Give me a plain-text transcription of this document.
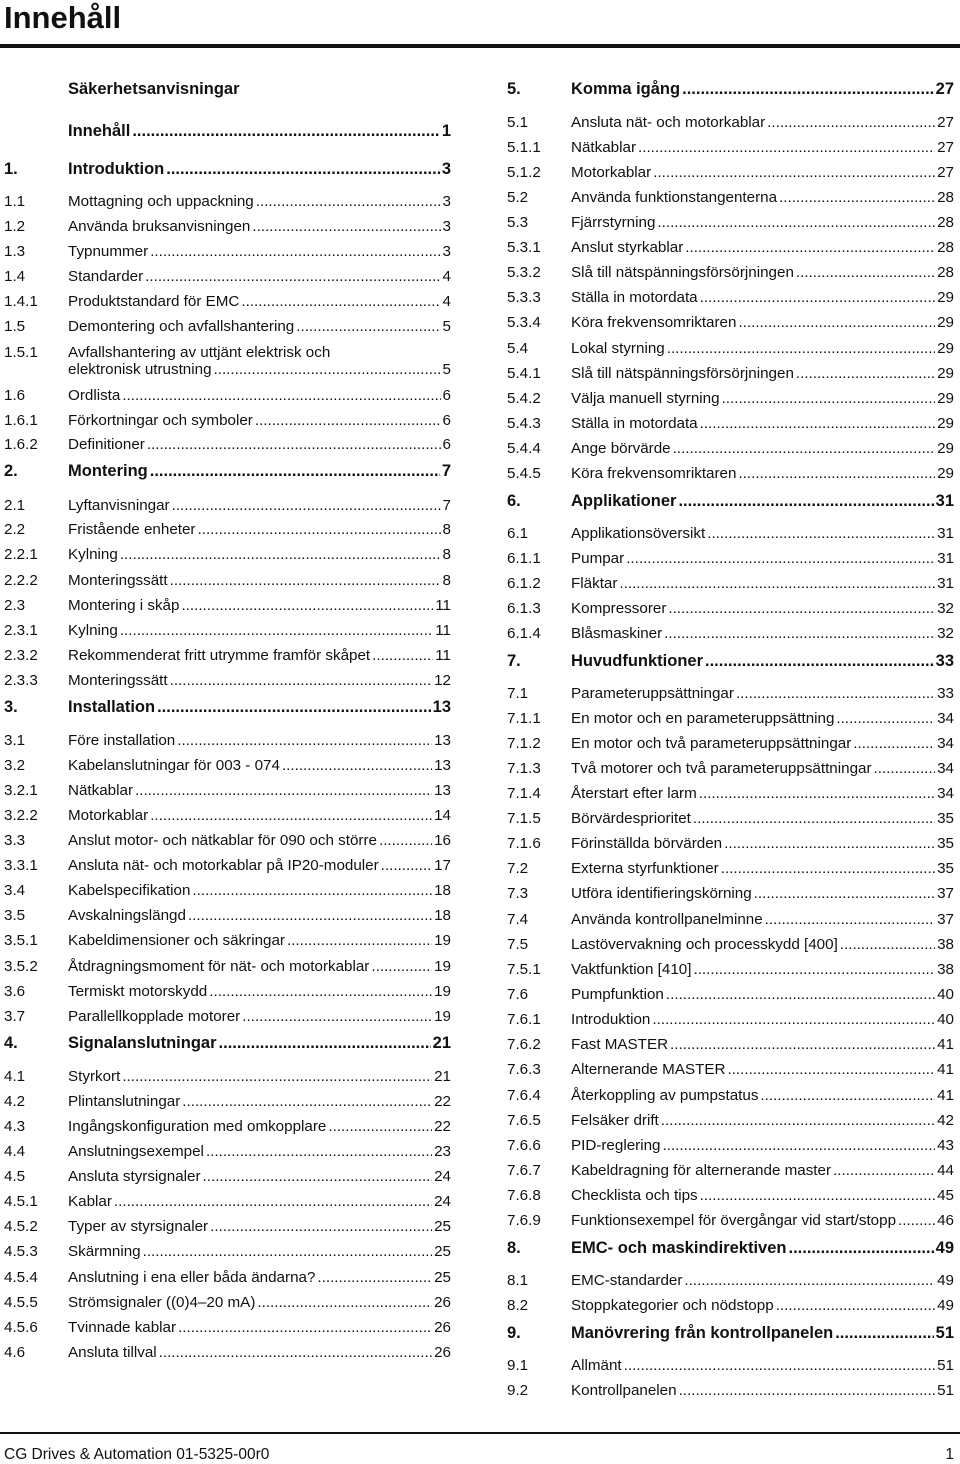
Innehåll
Säkerhetsanvisningar
Innehåll .....	1
1.	Introduktion .....	3
1.1	Mottagning och uppackning .....	3
1.2	Använda bruksanvisningen .....	3
1.3	Typnummer .....	3
1.4	Standarder .....	4
1.4.1 Produktstandard för EMC .....	4
1.5	Demontering och avfallshantering .....	5
1.5.1 Avfallshantering av uttjänt elektrisk och
elektronisk utrustning .....	5
1.6	Ordlista .....	6
1.6.1 Förkortningar och symboler .....	6
1.6.2 Definitioner .....	6
2.	Montering .....	7
2.1	Lyftanvisningar .....	7
2.2	Fristående enheter .....	8
2.2.1 Kylning .....	8
2.2.2 Monteringssätt .....	8
2.3	Montering i skåp .....	11
2.3.1 Kylning .....	11
2.3.2 Rekommenderat fritt utrymme framför skåpet .....	11
2.3.3 Monteringssätt .....	12
3.	Installation .....	13
3.1	Före installation .....	13
3.2	Kabelanslutningar för 003 - 074 .....	13
3.2.1 Nätkablar .....	13
3.2.2 Motorkablar .....	14
3.3	Anslut motor- och nätkablar för 090 och större .....	16
3.3.1 Ansluta nät- och motorkablar på IP20-moduler .....	17
3.4	Kabelspecifikation .....	18
3.5	Avskalningslängd .....	18
3.5.1 Kabeldimensioner och säkringar .....	19
3.5.2 Åtdragningsmoment för nät- och motorkablar .....	19
3.6	Termiskt motorskydd .....	19
3.7	Parallellkopplade motorer .....	19
4.	Signalanslutningar .....	21
4.1	Styrkort .....	21
4.2	Plintanslutningar .....	22
4.3	Ingångskonfiguration med omkopplare .....	22
4.4	Anslutningsexempel .....	23
4.5	Ansluta styrsignaler .....	24
4.5.1 Kablar .....	24
4.5.2 Typer av styrsignaler .....	25
4.5.3 Skärmning .....	25
4.5.4 Anslutning i ena eller båda ändarna? .....	25
4.5.5 Strömsignaler ((0)4–20 mA) .....	26
4.5.6 Tvinnade kablar .....	26
4.6	Ansluta tillval .....	26
5.	Komma igång .....	27
5.1	Ansluta nät- och motorkablar .....	27
5.1.1 Nätkablar .....	27
5.1.2 Motorkablar .....	27
5.2	Använda funktionstangenterna .....	28
5.3	Fjärrstyrning .....	28
5.3.1 Anslut styrkablar .....	28
5.3.2 Slå till nätspänningsförsörjningen .....	28
5.3.3 Ställa in motordata .....	29
5.3.4 Köra frekvensomriktaren .....	29
5.4	Lokal styrning .....	29
5.4.1 Slå till nätspänningsförsörjningen .....	29
5.4.2 Välja manuell styrning .....	29
5.4.3 Ställa in motordata .....	29
5.4.4 Ange börvärde .....	29
5.4.5 Köra frekvensomriktaren .....	29
6.	Applikationer .....	31
6.1	Applikationsöversikt .....	31
6.1.1 Pumpar .....	31
6.1.2 Fläktar .....	31
6.1.3 Kompressorer .....	32
6.1.4 Blåsmaskiner .....	32
7.	Huvudfunktioner .....	33
7.1	Parameteruppsättningar .....	33
7.1.1 En motor och en parameteruppsättning .....	34
7.1.2 En motor och två parameteruppsättningar .....	34
7.1.3 Två motorer och två parameteruppsättningar .....	34
7.1.4 Återstart efter larm .....	34
7.1.5 Börvärdesprioritet .....	35
7.1.6 Förinställda börvärden .....	35
7.2	Externa styrfunktioner .....	35
7.3	Utföra identifieringskörning .....	37
7.4	Använda kontrollpanelminne .....	37
7.5	Lastövervakning och processkydd [400] .....	38
7.5.1 Vaktfunktion [410] .....	38
7.6	Pumpfunktion .....	40
7.6.1 Introduktion .....	40
7.6.2 Fast MASTER .....	41
7.6.3 Alternerande MASTER .....	41
7.6.4 Återkoppling av pumpstatus .....	41
7.6.5 Felsäker drift .....	42
7.6.6 PID-reglering .....	43
7.6.7 Kabeldragning för alternerande master .....	44
7.6.8 Checklista och tips .....	45
7.6.9 Funktionsexempel för övergångar vid start/stopp .....	46
8.	EMC- och maskindirektiven .....	49
8.1	EMC-standarder .....	49
8.2	Stoppkategorier och nödstopp .....	49
9.	Manövrering från kontrollpanelen .....	51
9.1	Allmänt .....	51
9.2	Kontrollpanelen .....	51
CG Drives & Automation 01-5325-00r0	1
